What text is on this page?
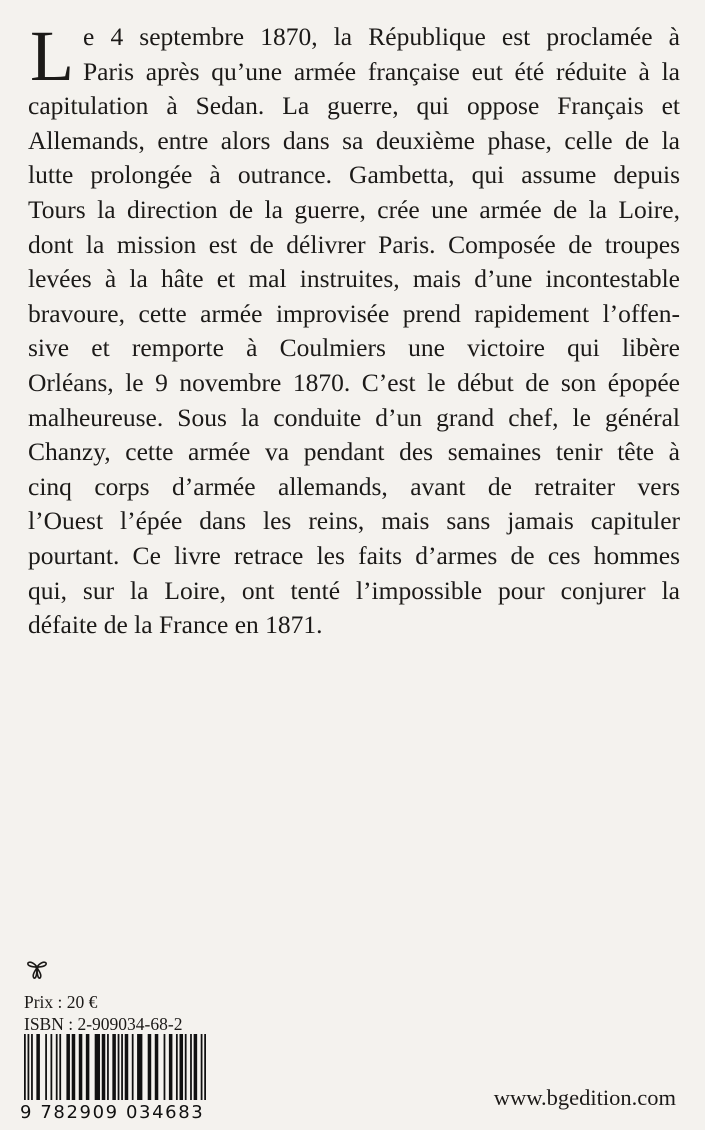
e 4 septembre 1870, la République est proclamée à
Paris après qu’une armée française eut été réduite à la
capitulation à Sedan. La guerre, qui oppose Français et
Allemands, entre alors dans sa deuxième phase, celle de la
lutte prolongée à outrance. Gambetta, qui assume depuis
Tours la direction de la guerre, crée une armée de la Loire,
dont la mission est de délivrer Paris. Composée de troupes
levées à la hâte et mal instruites, mais d’une incontestable
bravoure, cette armée improvisée prend rapidement l’offen-
sive et remporte à Coulmiers une victoire qui libère
Orléans, le 9 novembre 1870. C’est le début de son épopée
malheureuse. Sous la conduite d’un grand chef, le général
Chanzy, cette armée va pendant des semaines tenir tête à
cinq corps d’armée allemands, avant de retraiter vers
l’Ouest l’épée dans les reins, mais sans jamais capituler
pourtant. Ce livre retrace les faits d’armes de ces hommes
qui, sur la Loire, ont tenté l’impossible pour conjurer la
défaite de la France en 1871.
L
Prix : 20 €
ISBN : 2-909034-68-2
9 782909 034683
www.bgedition.com
